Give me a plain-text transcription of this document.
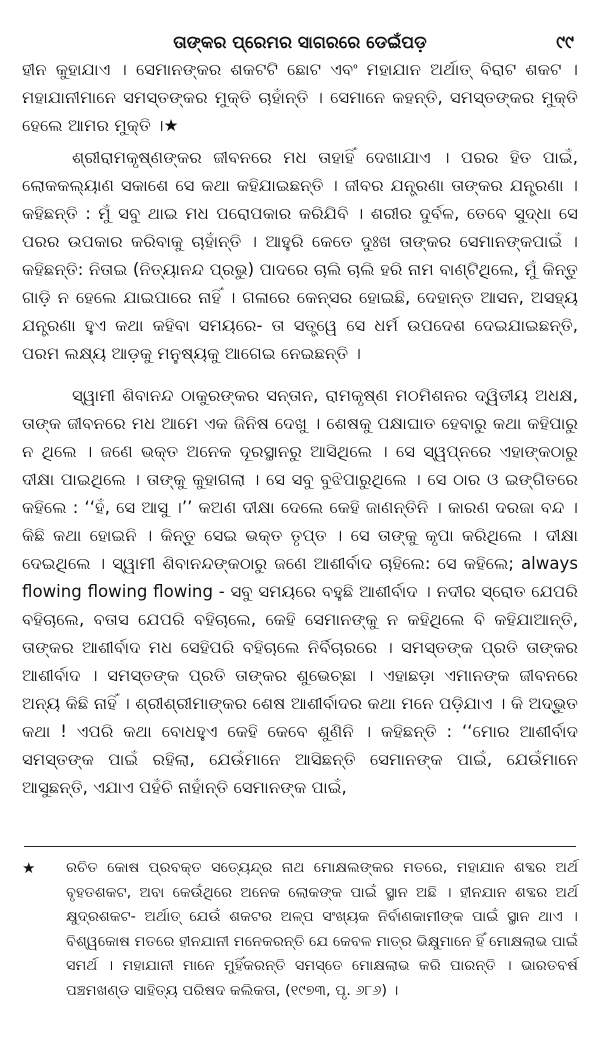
ତାଙ୍କର ପ୍ରେମର ସାଗରରେ ଡେଇଁପଡ଼	୯୯

ହୀନ କୁହାଯାଏ । ସେମାନଙ୍କର ଶକଟଟି ଛୋଟ ଏବଂ ମହାଯାନ ଅର୍ଥାତ୍ ବିରାଟ ଶକଟ । ମହାଯାନୀମାନେ ସମସ୍ତଙ୍କର ମୁକ୍ତି ଚାହାଁନ୍ତି । ସେମାନେ କହନ୍ତି, ସମସ୍ତଙ୍କର ମୁକ୍ତି ହେଲେ ଆମର ମୁକ୍ତି ।★

ଶ୍ରୀରାମକୃଷ୍ଣଙ୍କର ଜୀବନରେ ମଧ ତାହାହିଁ ଦେଖାଯାଏ । ପରର ହିତ ପାଇଁ, ଲୋକକଲ୍ୟାଣ ସକାଶେ ସେ କଥା କହିଯାଇଛନ୍ତି । ଜୀବର ଯନ୍ତ୍ରଣା ତାଙ୍କର ଯନ୍ତ୍ରଣା । କହିଛନ୍ତି : ମୁଁ ସବୁ ଥାଇ ମଧ ପରୋପକାର କରିଯିବି । ଶରୀର ଦୁର୍ବଳ, ତେବେ ସୁଦ୍ଧା ସେ ପରର ଉପକାର କରିବାକୁ ଚାହାଁନ୍ତି । ଆହୁରି କେତେ ଦୁଃଖ ତାଙ୍କର ସେମାନଙ୍କପାଇଁ । କହିଛନ୍ତି: ନିତାଇ (ନିତ୍ୟାନନ୍ଦ ପ୍ରଭୁ) ପାଦରେ ଚାଲି ଚାଲି ହରି ନାମ ବାଣ୍ଟିଥିଲେ, ମୁଁ କିନ୍ତୁ ଗାଡ଼ି ନ ହେଲେ ଯାଇପାରେ ନାହିଁ । ଗଳାରେ କେନ୍ସର ହୋଇଛି, ଦେହାନ୍ତ ଆସନ, ଅସହ୍ୟ ଯନ୍ତ୍ରଣା ହୁଏ କଥା କହିବା ସମୟରେ- ତା ସତ୍ତ୍ୱେ ସେ ଧର୍ମ ଉପଦେଶ ଦେଇଯାଇଛନ୍ତି, ପରମ ଲକ୍ଷ୍ୟ ଆଡ଼କୁ ମନୁଷ୍ୟକୁ ଆଗେଇ ନେଇଛନ୍ତି ।

ସ୍ୱାମୀ ଶିବାନନ୍ଦ ଠାକୁରଙ୍କର ସନ୍ତାନ, ରାମକୃଷ୍ଣ ମଠମିଶନର ଦ୍ୱିତୀୟ ଅଧକ୍ଷ, ତାଙ୍କ ଜୀବନରେ ମଧ ଆମେ ଏକ ଜିନିଷ ଦେଖୁ । ଶେଷକୁ ପକ୍ଷାଘାତ ହେବାରୁ କଥା କହିପାରୁ ନ ଥିଲେ । ଜଣେ ଭକ୍ତ ଅନେକ ଦୂରସ୍ଥାନରୁ ଆସିଥିଲେ । ସେ ସ୍ୱପ୍ନରେ ଏହାଙ୍କଠାରୁ ଦୀକ୍ଷା ପାଇଥିଲେ । ତାଙ୍କୁ କୁହାଗଲା । ସେ ସବୁ ବୁଝିପାରୁଥିଲେ । ସେ ଠାର ଓ ଇଙ୍ଗିତରେ କହିଲେ : ‘‘ହଁ, ସେ ଆସୁ ।’’ କଅଣ ଦୀକ୍ଷା ଦେଲେ କେହି ଜାଣନ୍ତିନି । କାରଣ ଦରଜା ବନ୍ଦ । କିଛି କଥା ହୋଇନି । କିନ୍ତୁ ସେଇ ଭକ୍ତ ତୃପ୍ତ । ସେ ତାଙ୍କୁ କୃପା କରିଥିଲେ । ଦୀକ୍ଷା ଦେଇଥିଲେ । ସ୍ୱାମୀ ଶିବାନନ୍ଦଙ୍କଠାରୁ ଜଣେ ଆଶୀର୍ବାଦ ଚାହିଲେ: ସେ କହିଲେ; always flowing flowing flowing - ସବୁ ସମୟରେ ବହୁଛି ଆଶୀର୍ବାଦ । ନଦୀର ସ୍ରୋତ ଯେପରି ବହିଚାଲେ, ବତାସ ଯେପରି ବହିଚାଲେ, କେହି ସେମାନଙ୍କୁ ନ କହିଥିଲେ ବି କହିଯାଆନ୍ତି, ତାଙ୍କର ଆଶୀର୍ବାଦ ମଧ ସେହିପରି ବହିଚାଲେ ନିର୍ବିଚାରରେ । ସମସ୍ତଙ୍କ ପ୍ରତି ତାଙ୍କର ଆଶୀର୍ବାଦ । ସମସ୍ତଙ୍କ ପ୍ରତି ତାଙ୍କର ଶୁଭେଚ୍ଛା । ଏହାଛଡ଼ା ଏମାନଙ୍କ ଜୀବନରେ ଅନ୍ୟ କିଛି ନାହିଁ । ଶ୍ରୀଶ୍ରୀମାଙ୍କର ଶେଷ ଆଶୀର୍ବାଦର କଥା ମନେ ପଡ଼ିଯାଏ । କି ଅଦ୍ଭୁତ କଥା ! ଏପରି କଥା ବୋଧହୁଏ କେହି କେବେ ଶୁଣିନି । କହିଛନ୍ତି : ‘‘ମୋର ଆଶୀର୍ବାଦ ସମସ୍ତଙ୍କ ପାଇଁ ରହିଲା, ଯେଉଁମାନେ ଆସିଛନ୍ତି ସେମାନଙ୍କ ପାଇଁ, ଯେଉଁମାନେ ଆସୁଛନ୍ତି, ଏଯାଏ ପହଁଚି ନାହାଁନ୍ତି ସେମାନଙ୍କ ପାଇଁ,

★ ରଚିତ କୋଷ ପ୍ରବକ୍ତ ସତ୍ୟେନ୍ଦ୍ର ନାଥ ମୋକ୍ଷଲଙ୍କର ମତରେ, ମହାଯାନ ଶବ୍ଦର ଅର୍ଥ ବୃହତଶକଟ, ଅବା କେଉଁଥିରେ ଅନେକ ଲୋକଙ୍କ ପାଇଁ ସ୍ଥାନ ଅଛି । ହୀନଯାନ ଶବ୍ଦର ଅର୍ଥ କ୍ଷୁଦ୍ରଶକଟ- ଅର୍ଥାତ୍ ଯେଉଁ ଶକଟର ଅଳ୍ପ ସଂଖ୍ୟକ ନିର୍ବାଣକାମୀଙ୍କ ପାଇଁ ସ୍ଥାନ ଥାଏ । ବିଶ୍ୱକୋଷ ମତରେ ହୀନଯାନୀ ମନେକରନ୍ତି ଯେ କେବଳ ମାତ୍ର ଭିକ୍ଷୁମାନେ ହିଁ ମୋକ୍ଷଲାଭ ପାଇଁ ସମର୍ଥ । ମହାଯାନୀ ମାନେ ମୁହିଁକରନ୍ତି ସମସ୍ତେ ମୋକ୍ଷଲାଭ କରି ପାରନ୍ତି । ଭାରତବର୍ଷ ପଞ୍ଚମଖଣ୍ଡ ସାହିତ୍ୟ ପରିଷଦ କଲିକତା, (୧୯୭୩, ପୃ. ୬୮୬) ।
